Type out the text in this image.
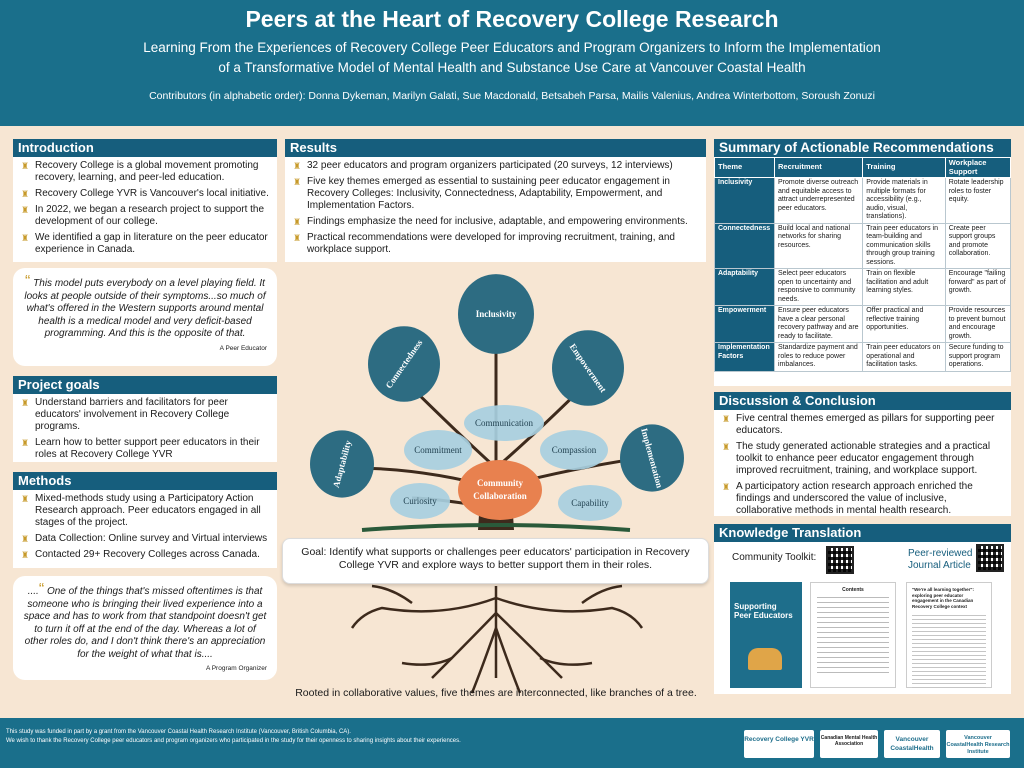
Peers at the Heart of Recovery College Research
Learning From the Experiences of Recovery College Peer Educators and Program Organizers to Inform the Implementation
of a Transformative Model of Mental Health and Substance Use Care at Vancouver Coastal Health
Contributors (in alphabetic order): Donna Dykeman, Marilyn Galati, Sue Macdonald, Betsabeh Parsa, Mailis Valenius, Andrea Winterbottom, Soroush Zonuzi
Introduction
♜ Recovery College is a global movement promoting recovery, learning, and peer-led education.
♜ Recovery College YVR is Vancouver's local initiative.
♜ In 2022, we began a research project to support the development of our college.
♜ We identified a gap in literature on the peer educator experience in Canada.
“ This model puts everybody on a level playing field. It looks at people outside of their symptoms...so much of what's offered in the Western supports around mental health is a medical model and very deficit-based programming. And this is the opposite of that.
A Peer Educator
Project goals
♜ Understand barriers and facilitators for peer educators' involvement in Recovery College programs.
♜ Learn how to better support peer educators in their roles at Recovery College YVR
Methods
♜ Mixed-methods study using a Participatory Action Research approach. Peer educators engaged in all stages of the project.
♜ Data Collection: Online survey and Virtual interviews
♜ Contacted 29+ Recovery Colleges across Canada.
....“ One of the things that's missed oftentimes is that someone who is bringing their lived experience into a space and has to work from that standpoint doesn't get to turn it off at the end of the day. Whereas a lot of other roles do, and I don't think there's an appreciation for the weight of what that is....
A Program Organizer
Results
♜ 32 peer educators and program organizers participated (20 surveys, 12 interviews)
♜ Five key themes emerged as essential to sustaining peer educator engagement in Recovery Colleges: Inclusivity, Connectedness, Adaptability, Empowerment, and Implementation Factors.
♜ Findings emphasize the need for inclusive, adaptable, and empowering environments.
♜ Practical recommendations were developed for improving recruitment, training, and workplace support.
Inclusivity
Connectedness	Empowerment
Adaptability	Implementation
Communication
Commitment	Compassion
Curiosity	Capability
Community
Collaboration
Rooted in collaborative values, five themes are interconnected, like branches of a tree.
Goal: Identify what supports or challenges peer educators' participation in Recovery College YVR and explore ways to better support them in their roles.
Summary of Actionable Recommendations
Theme	Recruitment	Training	Workplace Support
Inclusivity	Promote diverse outreach and equitable access to attract underrepresented peer educators.	Provide materials in multiple formats for accessibility (e.g., audio, visual, translations).	Rotate leadership roles to foster equity.
Connectedness	Build local and national networks for sharing resources.	Train peer educators in team-building and communication skills through group training sessions.	Create peer support groups and promote collaboration.
Adaptability	Select peer educators open to uncertainty and responsive to community needs.	Train on flexible facilitation and adult learning styles.	Encourage "failing forward" as part of growth.
Empowerment	Ensure peer educators have a clear personal recovery pathway and are ready to facilitate.	Offer practical and reflective training opportunities.	Provide resources to prevent burnout and encourage growth.
Implementation Factors	Standardize payment and roles to reduce power imbalances.	Train peer educators on operational and facilitation tasks.	Secure funding to support program operations.
Discussion & Conclusion
♜ Five central themes emerged as pillars for supporting peer educators.
♜ The study generated actionable strategies and a practical toolkit to enhance peer educator engagement through improved recruitment, training, and workplace support.
♜ A participatory action research approach enriched the findings and underscored the value of inclusive, collaborative methods in mental health research.
Knowledge Translation
Community Toolkit:	Peer-reviewed
Journal Article
Supporting
Peer Educators
Contents	"We're all learning together": exploring peer educator engagement in the Canadian Recovery College context
This study was funded in part by a grant from the Vancouver Coastal Health Research Institute (Vancouver, British Columbia, CA).
We wish to thank the Recovery College peer educators and program organizers who participated in the study for their openness to sharing insights about their experiences.	Recovery College YVR Canadian Mental Health Association
Vancouver CoastalHealth
Vancouver CoastalHealth Research Institute
